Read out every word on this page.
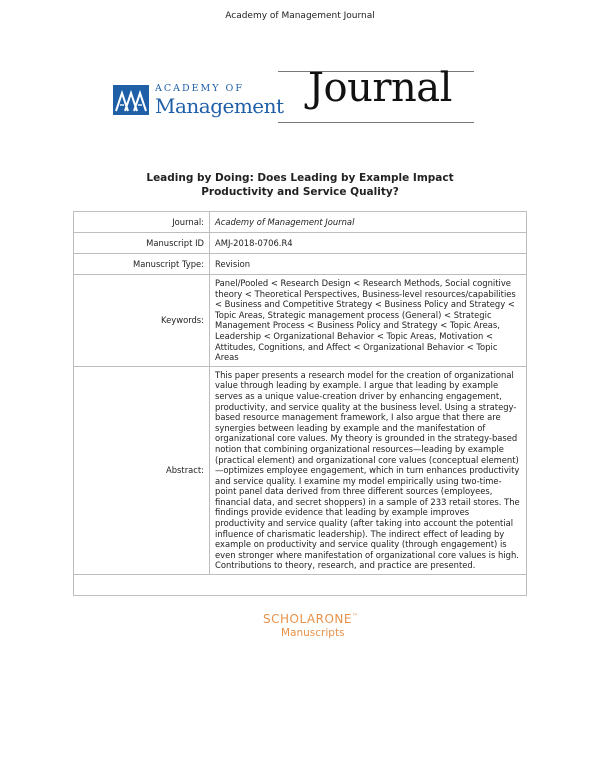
Academy of Management Journal
ACADEMY OF
Management Journal
Leading by Doing: Does Leading by Example Impact
Productivity and Service Quality?
Journal:	Academy of Management Journal
Manuscript ID	AMJ-2018-0706.R4
Manuscript Type:	Revision
Keywords:	Panel/Pooled < Research Design < Research Methods, Social cognitive theory < Theoretical Perspectives, Business-level resources/capabilities < Business and Competitive Strategy < Business Policy and Strategy < Topic Areas, Strategic management process (General) < Strategic Management Process < Business Policy and Strategy < Topic Areas, Leadership < Organizational Behavior < Topic Areas, Motivation < Attitudes, Cognitions, and Affect < Organizational Behavior < Topic Areas
Abstract:	This paper presents a research model for the creation of organizational value through leading by example. I argue that leading by example serves as a unique value-creation driver by enhancing engagement, productivity, and service quality at the business level. Using a strategy-based resource management framework, I also argue that there are synergies between leading by example and the manifestation of organizational core values. My theory is grounded in the strategy-based notion that combining organizational resources—leading by example (practical element) and organizational core values (conceptual element)—optimizes employee engagement, which in turn enhances productivity and service quality. I examine my model empirically using two-time-point panel data derived from three different sources (employees, financial data, and secret shoppers) in a sample of 233 retail stores. The findings provide evidence that leading by example improves productivity and service quality (after taking into account the potential influence of charismatic leadership). The indirect effect of leading by example on productivity and service quality (through engagement) is even stronger where manifestation of organizational core values is high. Contributions to theory, research, and practice are presented.

SCHOLARONE™
Manuscripts
